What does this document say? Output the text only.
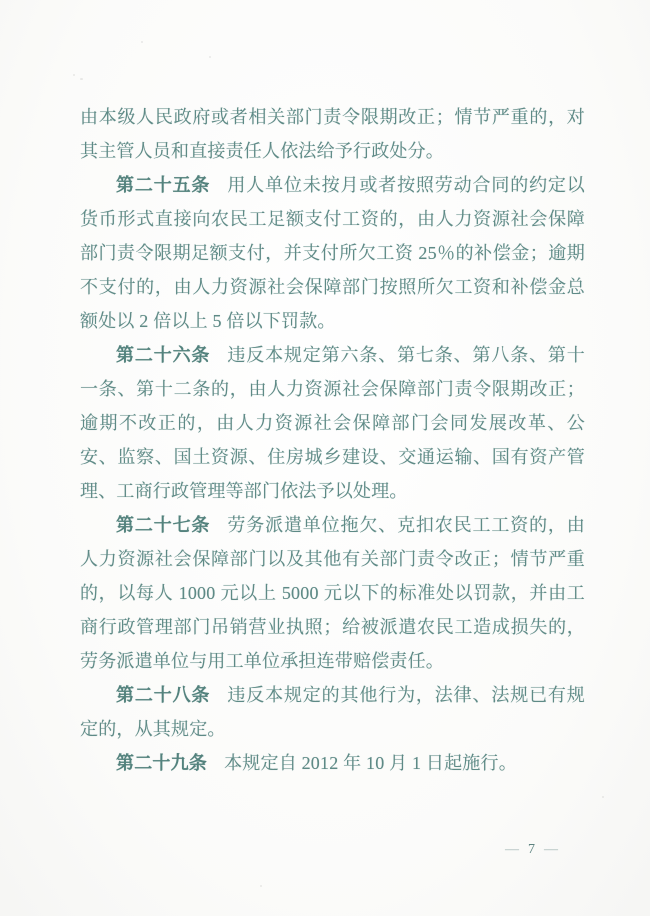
由本级人民政府或者相关部门责令限期改正；情节严重的，对其主管人员和直接责任人依法给予行政处分。

第二十五条 用人单位未按月或者按照劳动合同的约定以货币形式直接向农民工足额支付工资的，由人力资源社会保障部门责令限期足额支付，并支付所欠工资 25％的补偿金；逾期不支付的，由人力资源社会保障部门按照所欠工资和补偿金总额处以 2 倍以上 5 倍以下罚款。

第二十六条 违反本规定第六条、第七条、第八条、第十一条、第十二条的，由人力资源社会保障部门责令限期改正；逾期不改正的，由人力资源社会保障部门会同发展改革、公安、监察、国土资源、住房城乡建设、交通运输、国有资产管理、工商行政管理等部门依法予以处理。

第二十七条 劳务派遣单位拖欠、克扣农民工工资的，由人力资源社会保障部门以及其他有关部门责令改正；情节严重的，以每人 1000 元以上 5000 元以下的标准处以罚款，并由工商行政管理部门吊销营业执照；给被派遣农民工造成损失的，劳务派遣单位与用工单位承担连带赔偿责任。

第二十八条 违反本规定的其他行为，法律、法规已有规定的，从其规定。

第二十九条 本规定自 2012 年 10 月 1 日起施行。

— 7 —
